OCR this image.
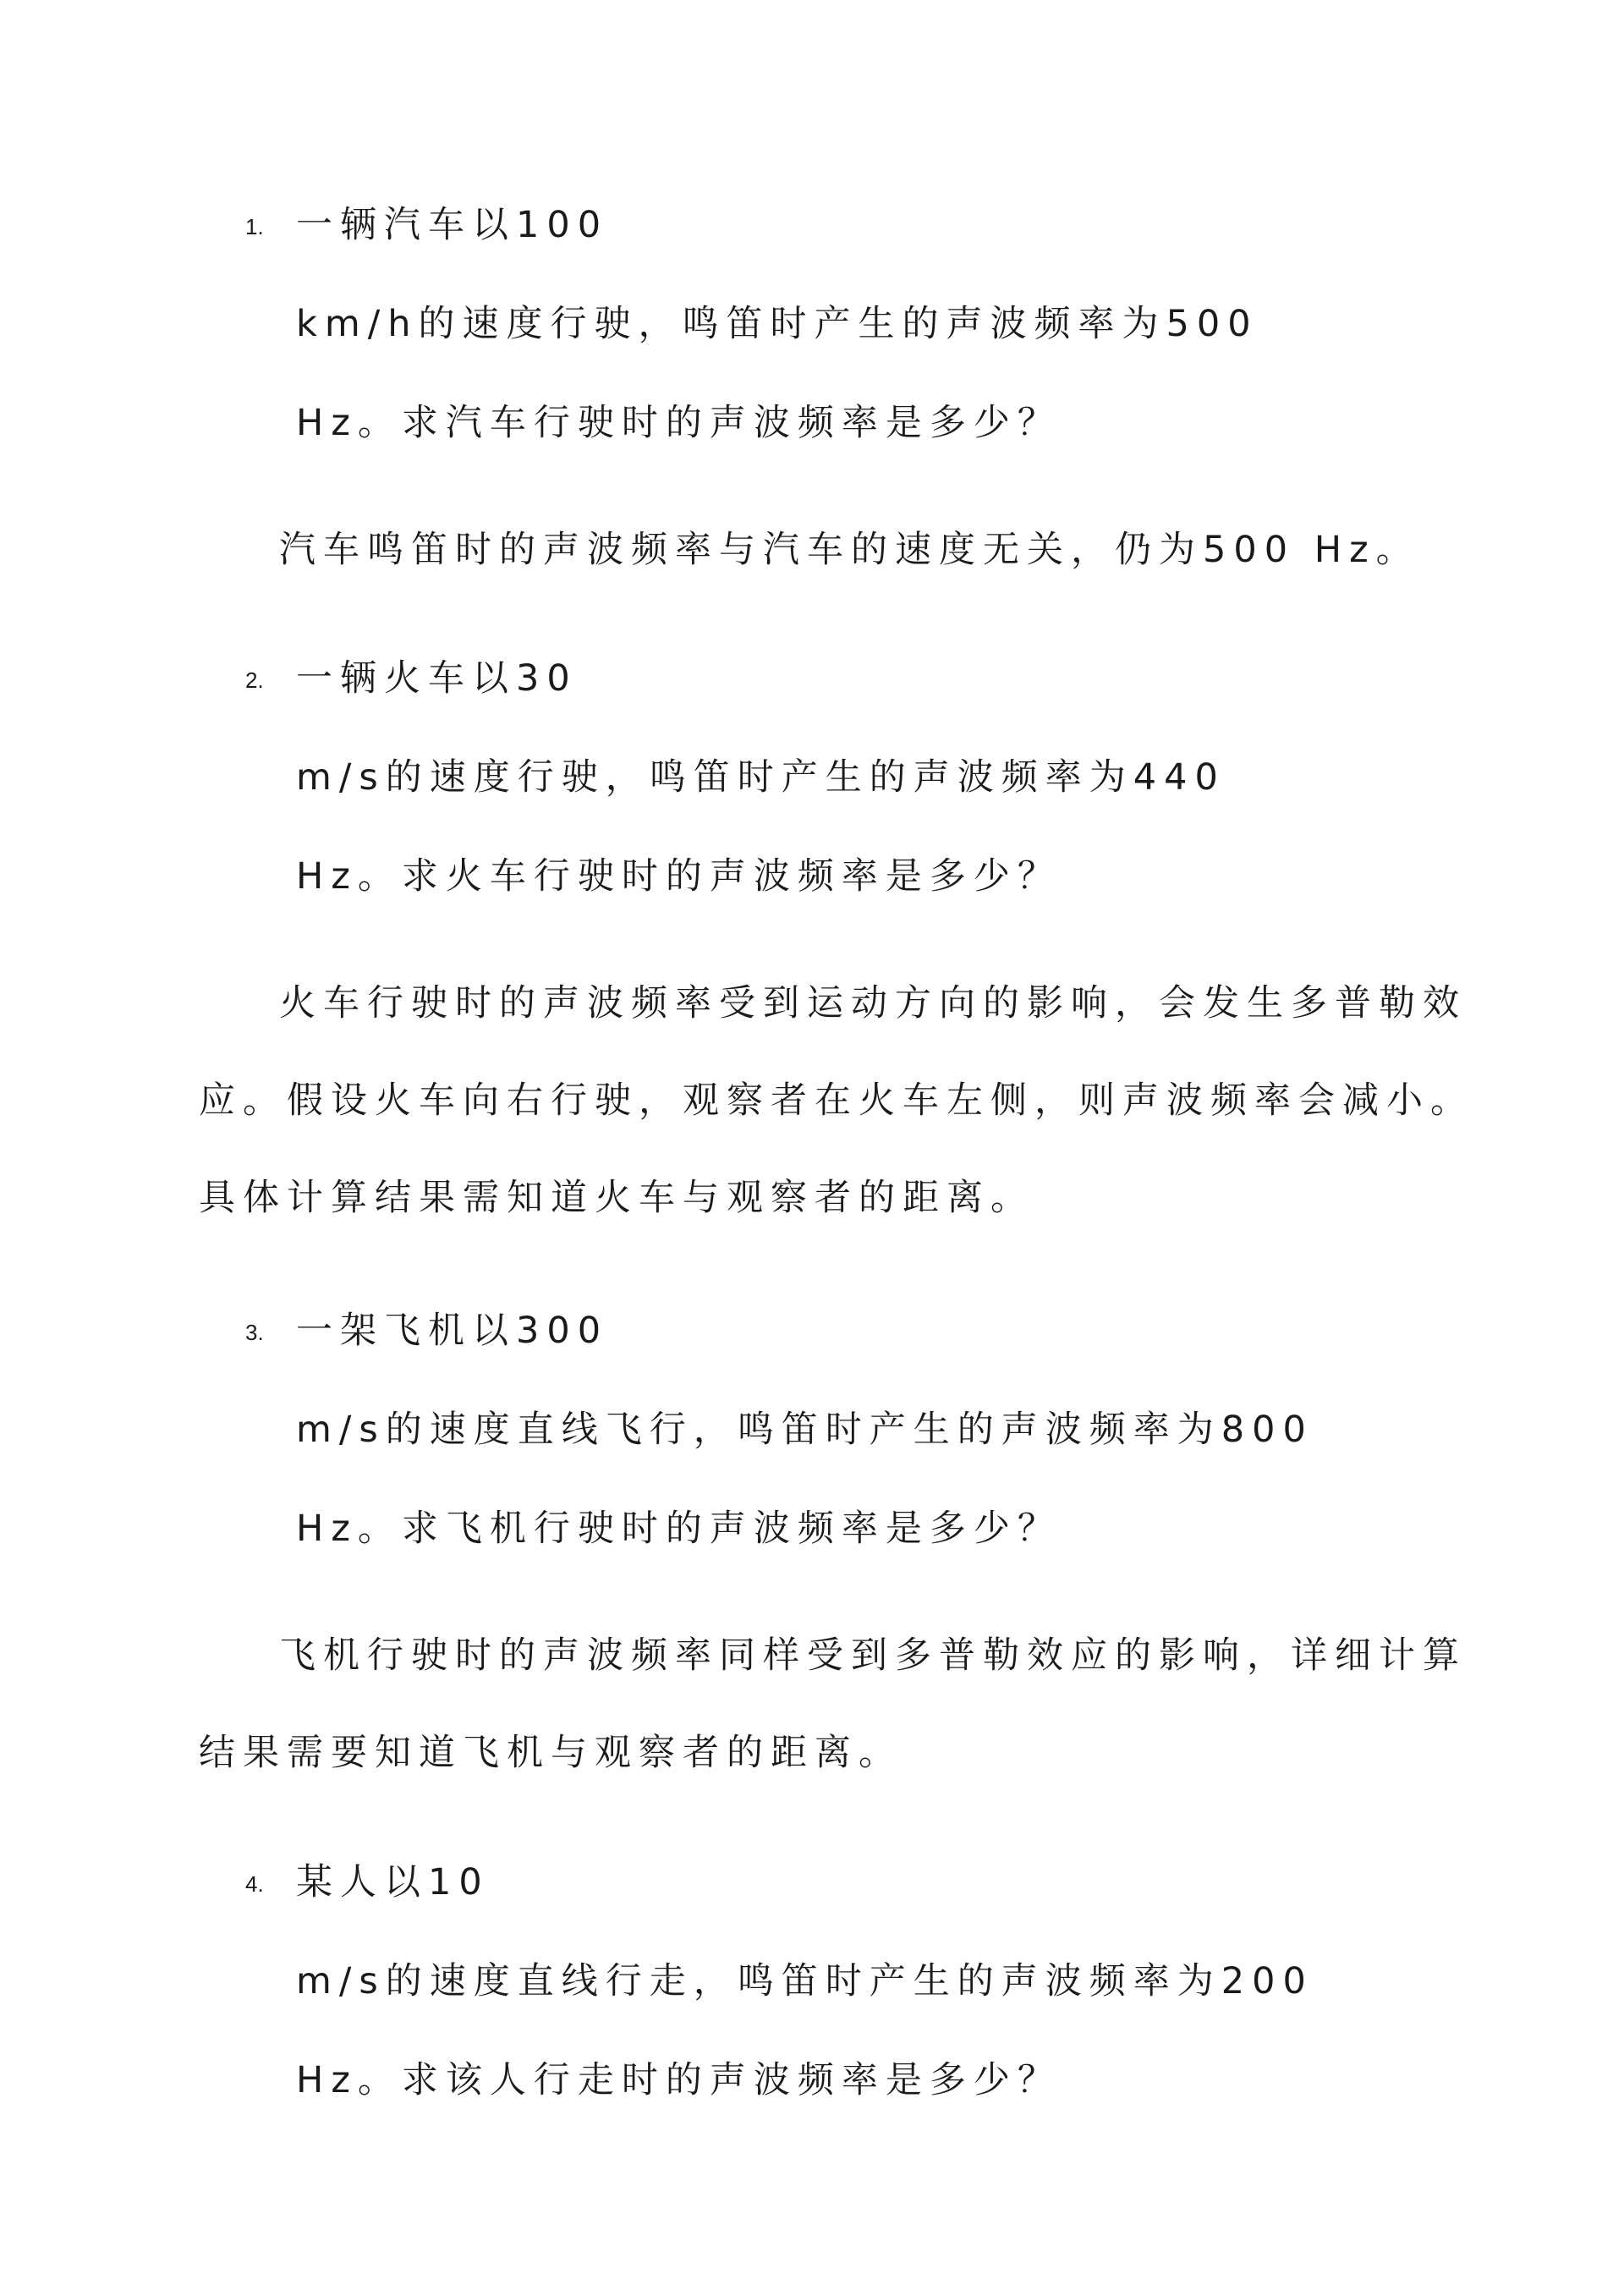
1. 一辆汽车以100
km/h的速度行驶，鸣笛时产生的声波频率为500
Hz。求汽车行驶时的声波频率是多少？
汽车鸣笛时的声波频率与汽车的速度无关，仍为500 Hz。
2. 一辆火车以30
m/s的速度行驶，鸣笛时产生的声波频率为440
Hz。求火车行驶时的声波频率是多少？
火车行驶时的声波频率受到运动方向的影响，会发生多普勒效
应。假设火车向右行驶，观察者在火车左侧，则声波频率会减小。
具体计算结果需知道火车与观察者的距离。
3. 一架飞机以300
m/s的速度直线飞行，鸣笛时产生的声波频率为800
Hz。求飞机行驶时的声波频率是多少？
飞机行驶时的声波频率同样受到多普勒效应的影响，详细计算
结果需要知道飞机与观察者的距离。
4. 某人以10
m/s的速度直线行走，鸣笛时产生的声波频率为200
Hz。求该人行走时的声波频率是多少？
